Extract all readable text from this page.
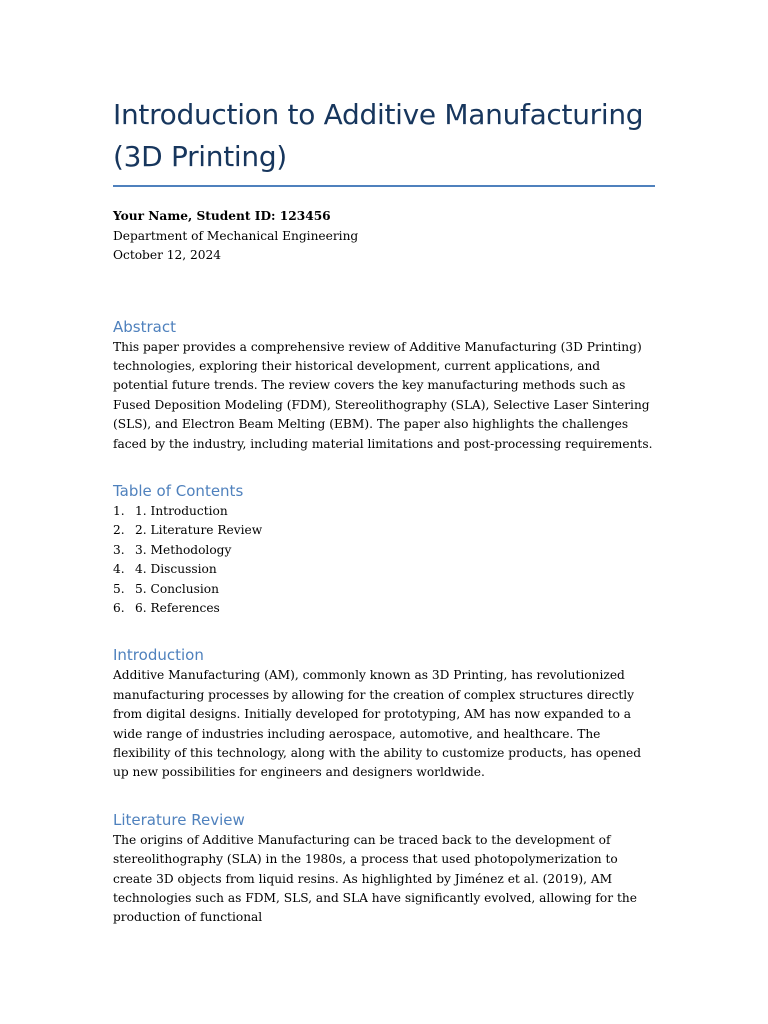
Introduction to Additive Manufacturing (3D Printing)
Your Name, Student ID: 123456
Department of Mechanical Engineering
October 12, 2024
Abstract

This paper provides a comprehensive review of Additive Manufacturing (3D Printing) technologies, exploring their historical development, current applications, and potential future trends. The review covers the key manufacturing methods such as Fused Deposition Modeling (FDM), Stereolithography (SLA), Selective Laser Sintering (SLS), and Electron Beam Melting (EBM). The paper also highlights the challenges faced by the industry, including material limitations and post-processing requirements.

Table of Contents
1. 1. Introduction
2. 2. Literature Review
3. 3. Methodology
4. 4. Discussion
5. 5. Conclusion
6. 6. References
Introduction

Additive Manufacturing (AM), commonly known as 3D Printing, has revolutionized manufacturing processes by allowing for the creation of complex structures directly from digital designs. Initially developed for prototyping, AM has now expanded to a wide range of industries including aerospace, automotive, and healthcare. The flexibility of this technology, along with the ability to customize products, has opened up new possibilities for engineers and designers worldwide.

Literature Review

The origins of Additive Manufacturing can be traced back to the development of stereolithography (SLA) in the 1980s, a process that used photopolymerization to create 3D objects from liquid resins. As highlighted by Jiménez et al. (2019), AM technologies such as FDM, SLS, and SLA have significantly evolved, allowing for the production of functional
